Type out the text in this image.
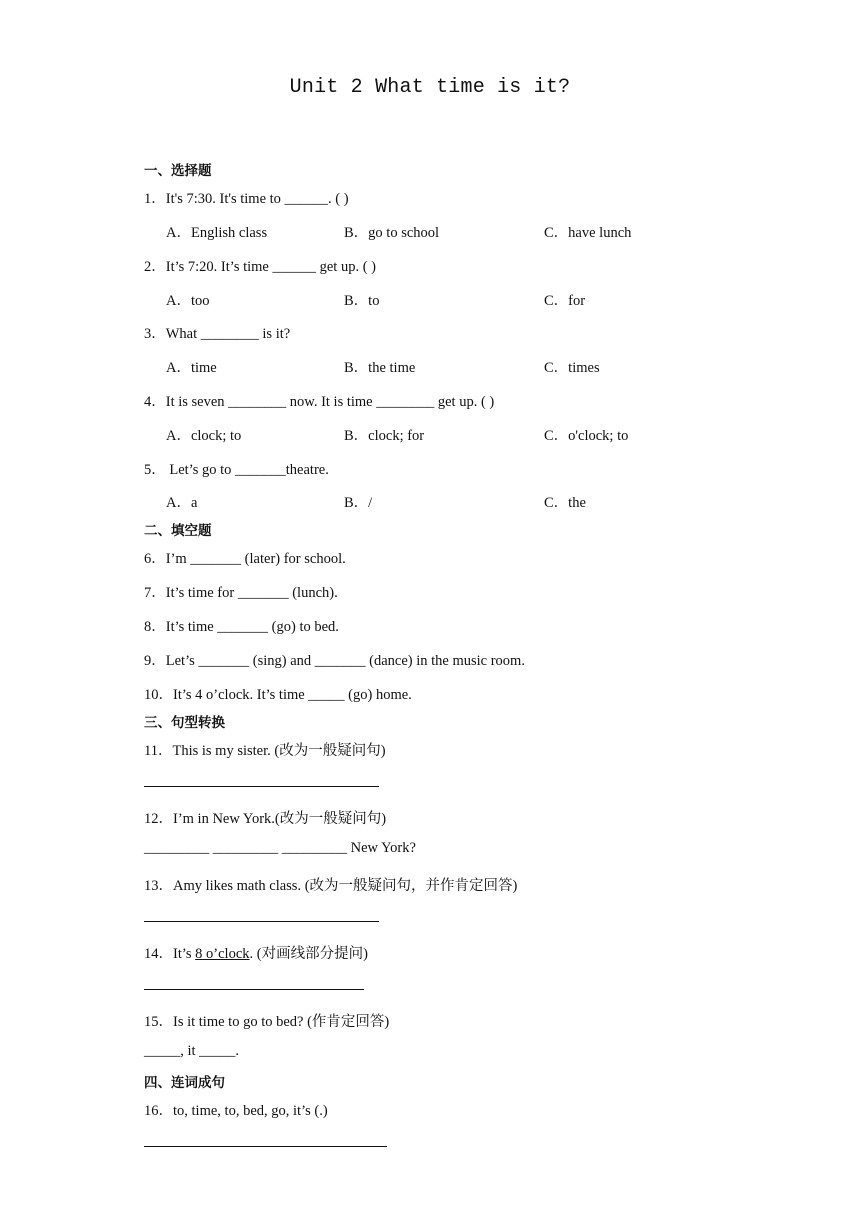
Unit 2 What time is it?
一、选择题
1．It's 7:30. It's time to ______. ( )
A．English class	B．go to school	C．have lunch
2．It’s 7:20. It’s time ______ get up. ( )
A．too	B．to	C．for
3．What ________ is it?
A．time	B．the time	C．times
4．It is seven ________ now. It is time ________ get up. ( )
A．clock; to	B．clock; for	C．o'clock; to
5． Let’s go to _______theatre.
A．a	B．/	C．the
二、填空题
6．I’m _______ (later) for school.
7．It’s time for _______ (lunch).
8．It’s time _______ (go) to bed.
9．Let’s _______ (sing) and _______ (dance) in the music room.
10．It’s 4 o’clock. It’s time _____ (go) home.
三、句型转换
11．This is my sister. (改为一般疑问句)
12．I’m in New York.(改为一般疑问句)
_________ _________ _________ New York?
13．Amy likes math class. (改为一般疑问句，并作肯定回答)
14．It’s 8 o’clock. (对画线部分提问)
15．Is it time to go to bed? (作肯定回答)
_____, it _____.
四、连词成句
16．to, time, to, bed, go, it’s (.)
